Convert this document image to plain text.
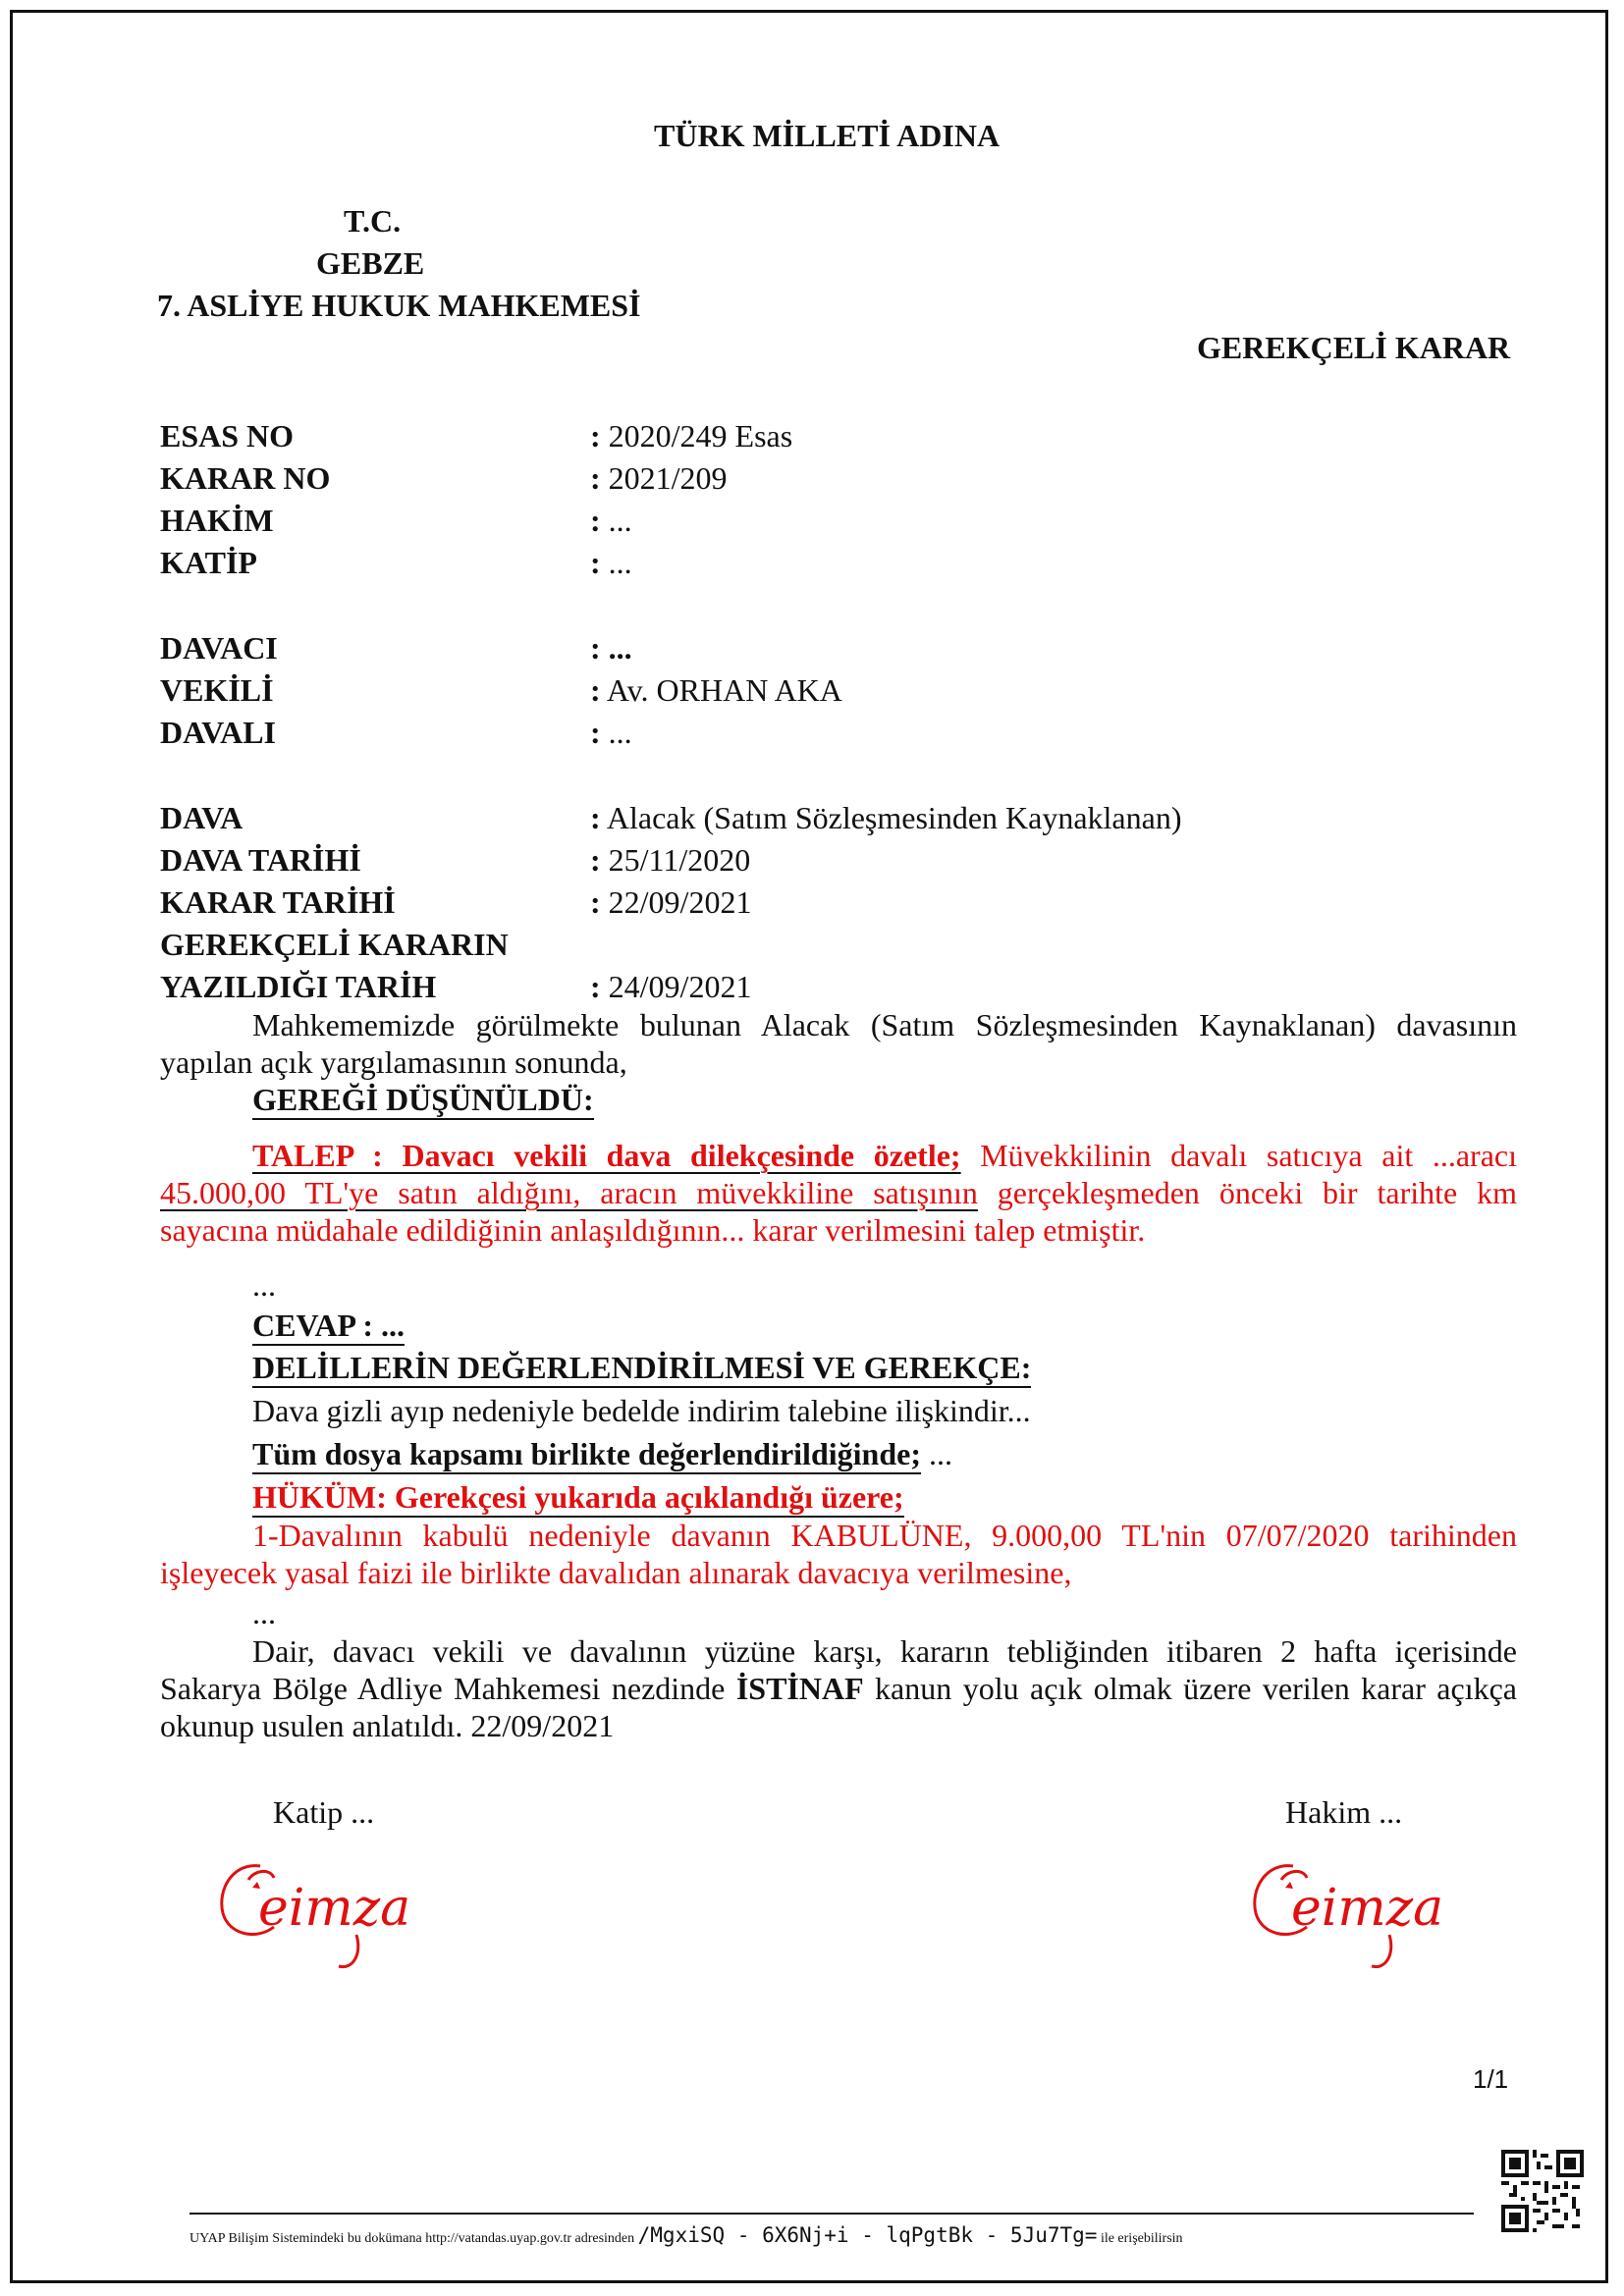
TÜRK MİLLETİ ADINA
T.C.
GEBZE
7. ASLİYE HUKUK MAHKEMESİ
GEREKÇELİ KARAR
ESAS NO	: 2020/249 Esas
KARAR NO	: 2021/209
HAKİM	: ...
KATİP	: ...
DAVACI	: ...
VEKİLİ	: Av. ORHAN AKA
DAVALI	: ...
DAVA	: Alacak (Satım Sözleşmesinden Kaynaklanan)
DAVA TARİHİ	: 25/11/2020
KARAR TARİHİ	: 22/09/2021
GEREKÇELİ KARARIN
YAZILDIĞI TARİH	: 24/09/2021
Mahkememizde görülmekte bulunan Alacak (Satım Sözleşmesinden Kaynaklanan) davasının
yapılan açık yargılamasının sonunda,
GEREĞİ DÜŞÜNÜLDÜ:
TALEP : Davacı vekili dava dilekçesinde özetle; Müvekkilinin davalı satıcıya ait ...aracı
45.000,00 TL'ye satın aldığını, aracın müvekkiline satışının gerçekleşmeden önceki bir tarihte km
sayacına müdahale edildiğinin anlaşıldığının... karar verilmesini talep etmiştir.
...
CEVAP : ...
DELİLLERİN DEĞERLENDİRİLMESİ VE GEREKÇE:
Dava gizli ayıp nedeniyle bedelde indirim talebine ilişkindir...
Tüm dosya kapsamı birlikte değerlendirildiğinde; ...
HÜKÜM: Gerekçesi yukarıda açıklandığı üzere;
1-Davalının kabulü nedeniyle davanın KABULÜNE, 9.000,00 TL'nin 07/07/2020 tarihinden
işleyecek yasal faizi ile birlikte davalıdan alınarak davacıya verilmesine,
...
Dair, davacı vekili ve davalının yüzüne karşı, kararın tebliğinden itibaren 2 hafta içerisinde
Sakarya Bölge Adliye Mahkemesi nezdinde İSTİNAF kanun yolu açık olmak üzere verilen karar açıkça
okunup usulen anlatıldı. 22/09/2021
Katip ...	Hakim ...
eimza	eimza
1/1
UYAP Bilişim Sistemindeki bu dokümana http://vatandas.uyap.gov.tr adresinden /MgxiSQ - 6X6Nj+i - lqPgtBk - 5Ju7Tg= ile erişebilirsin
